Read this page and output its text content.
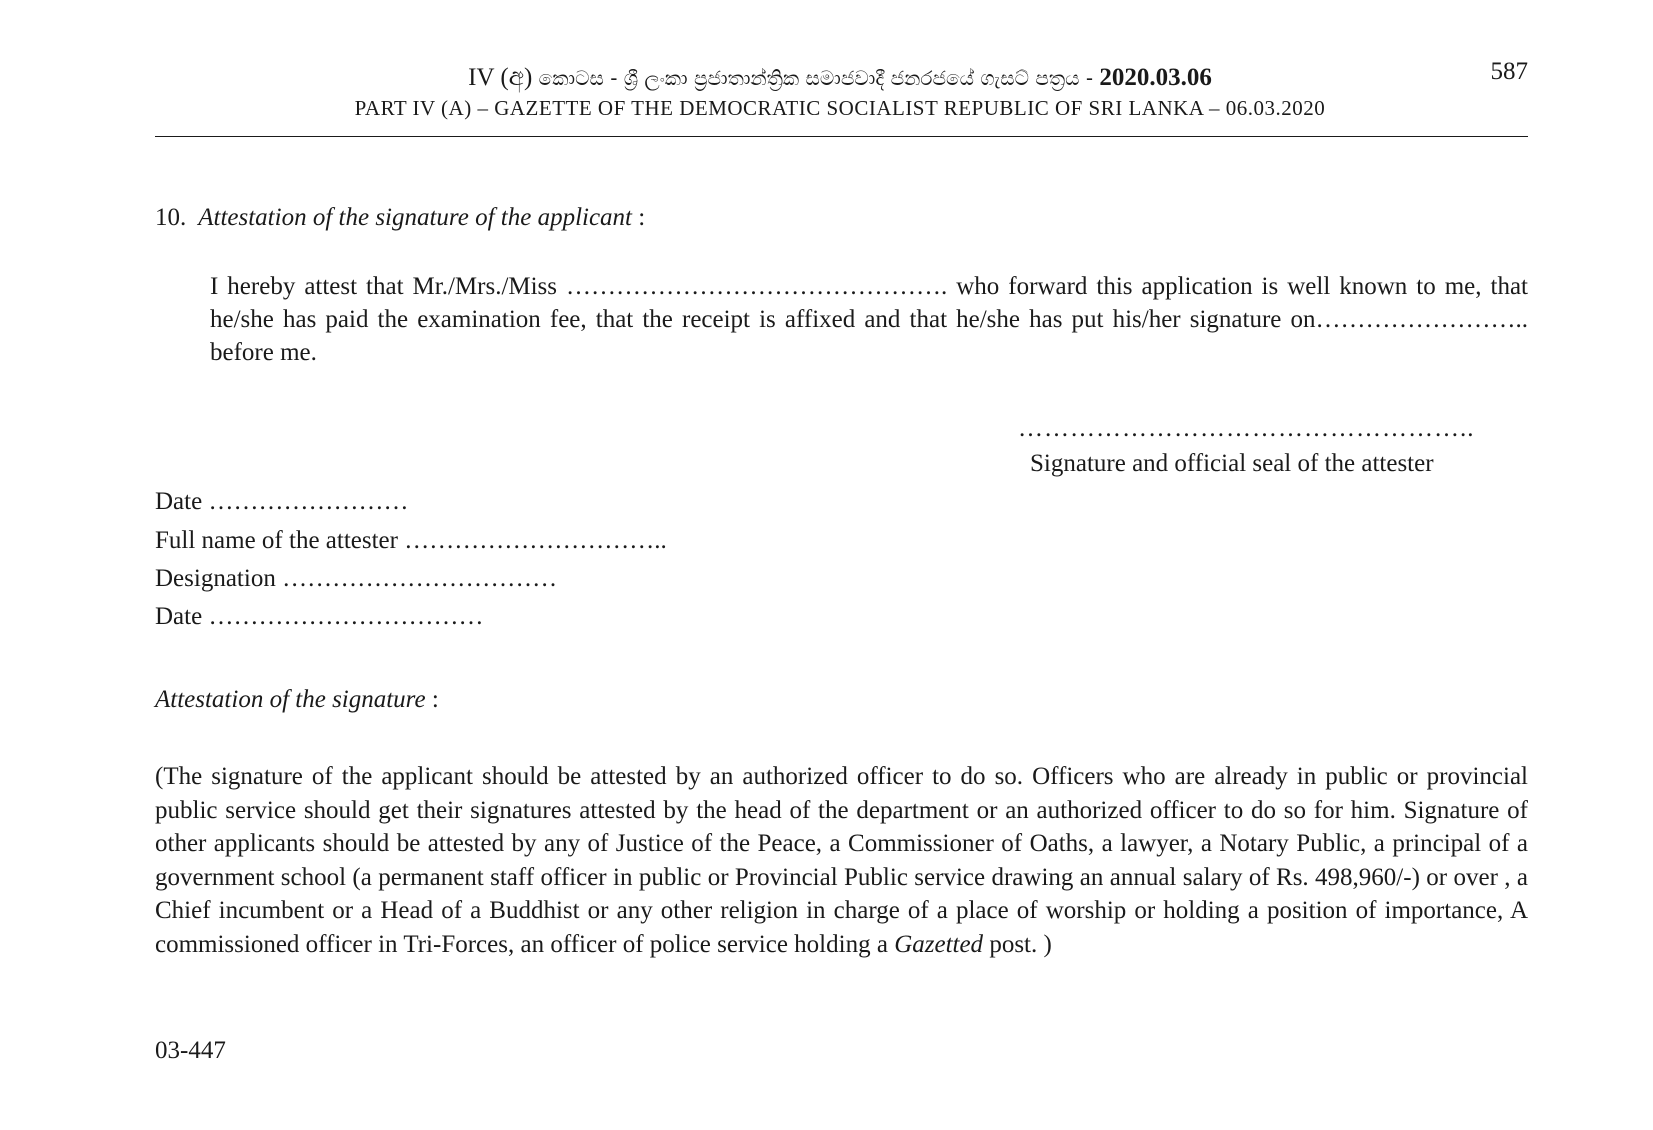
IV (අ) කොටස - ශ්‍රී ලංකා ප්‍රජාතාන්ත්‍රික සමාජවාදී ජනරජයේ ගැසට් පත්‍රය - 2020.03.06
PART IV (A) – GAZETTE OF THE DEMOCRATIC SOCIALIST REPUBLIC OF SRI LANKA – 06.03.2020
587
10. Attestation of the signature of the applicant :
I hereby attest that Mr./Mrs./Miss ………………………………………. who forward this application is well known to me, that he/she has paid the examination fee, that the receipt is affixed and that he/she has put his/her signature on…………………….. before me.
……………………………………………..
Signature and official seal of the attester
Date ……………………
Full name of the attester …………………………..
Designation ……………………………
Date ……………………………
Attestation of the signature :
(The signature of the applicant should be attested by an authorized officer to do so. Officers who are already in public or provincial public service should get their signatures attested by the head of the department or an authorized officer to do so for him. Signature of other applicants should be attested by any of Justice of the Peace, a Commissioner of Oaths, a lawyer, a Notary Public, a principal of a government school (a permanent staff officer in public or Provincial Public service drawing an annual salary of Rs. 498,960/-) or over , a Chief incumbent or a Head of a Buddhist or any other religion in charge of a place of worship or holding a position of importance, A commissioned officer in Tri-Forces, an officer of police service holding a Gazetted post. )
03-447
